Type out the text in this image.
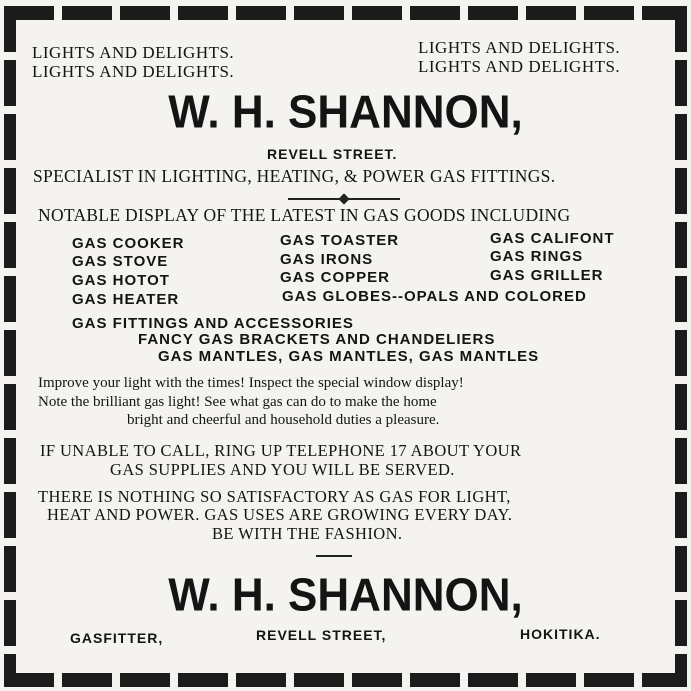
LIGHTS AND DELIGHTS.
LIGHTS AND DELIGHTS.
LIGHTS AND DELIGHTS.
LIGHTS AND DELIGHTS.
W. H. SHANNON,
REVELL STREET.
SPECIALIST IN LIGHTING, HEATING, & POWER GAS FITTINGS.
NOTABLE DISPLAY OF THE LATEST IN GAS GOODS INCLUDING
GAS COOKER
GAS STOVE
GAS HOTOT
GAS HEATER
GAS TOASTER
GAS IRONS
GAS COPPER
GAS GLOBES--OPALS AND COLORED
GAS CALIFONT
GAS RINGS
GAS GRILLER
GAS FITTINGS AND ACCESSORIES
FANCY GAS BRACKETS AND CHANDELIERS
GAS MANTLES, GAS MANTLES, GAS MANTLES
Improve your light with the times! Inspect the special window display!
Note the brilliant gas light! See what gas can do to make the home
bright and cheerful and household duties a pleasure.
IF UNABLE TO CALL, RING UP TELEPHONE 17 ABOUT YOUR
GAS SUPPLIES AND YOU WILL BE SERVED.
THERE IS NOTHING SO SATISFACTORY AS GAS FOR LIGHT,
HEAT AND POWER. GAS USES ARE GROWING EVERY DAY.
BE WITH THE FASHION.
W. H. SHANNON,
GASFITTER,	REVELL STREET,	HOKITIKA.
